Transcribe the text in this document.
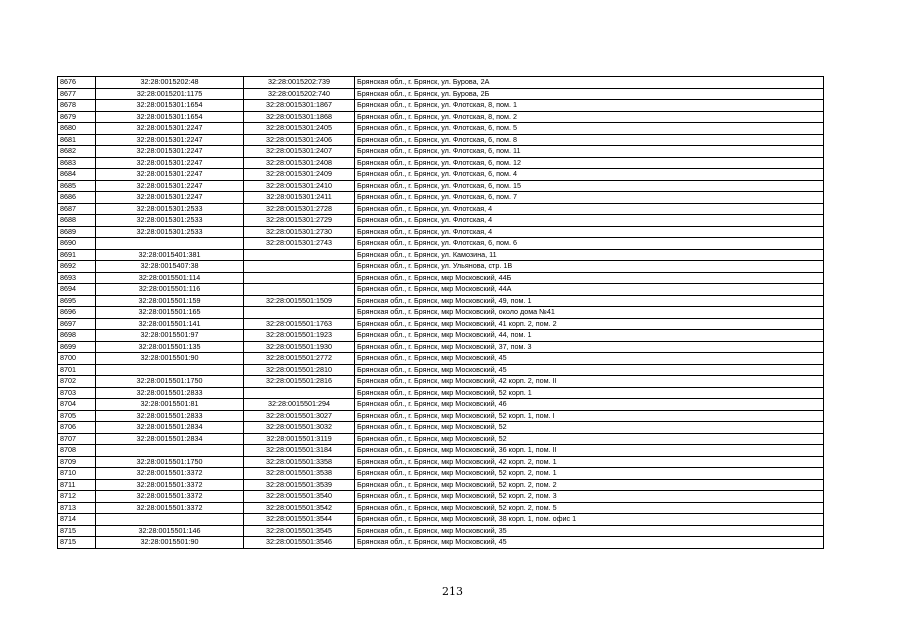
8676	32:28:0015202:48	32:28:0015202:739	Брянская обл., г. Брянск, ул. Бурова, 2А
8677	32:28:0015201:1175	32:28:0015202:740	Брянская обл., г. Брянск, ул. Бурова, 2Б
8678	32:28:0015301:1654	32:28:0015301:1867	Брянская обл., г. Брянск, ул. Флотская, 8, пом. 1
8679	32:28:0015301:1654	32:28:0015301:1868	Брянская обл., г. Брянск, ул. Флотская, 8, пом. 2
8680	32:28:0015301:2247	32:28:0015301:2405	Брянская обл., г. Брянск, ул. Флотская, 6, пом. 5
8681	32:28:0015301:2247	32:28:0015301:2406	Брянская обл., г. Брянск, ул. Флотская, 6, пом. 8
8682	32:28:0015301:2247	32:28:0015301:2407	Брянская обл., г. Брянск, ул. Флотская, 6, пом. 11
8683	32:28:0015301:2247	32:28:0015301:2408	Брянская обл., г. Брянск, ул. Флотская, 6, пом. 12
8684	32:28:0015301:2247	32:28:0015301:2409	Брянская обл., г. Брянск, ул. Флотская, 6, пом. 4
8685	32:28:0015301:2247	32:28:0015301:2410	Брянская обл., г. Брянск, ул. Флотская, 6, пом. 15
8686	32:28:0015301:2247	32:28:0015301:2411	Брянская обл., г. Брянск, ул. Флотская, 6, пом. 7
8687	32:28:0015301:2533	32:28:0015301:2728	Брянская обл., г. Брянск, ул. Флотская, 4
8688	32:28:0015301:2533	32:28:0015301:2729	Брянская обл., г. Брянск, ул. Флотская, 4
8689	32:28:0015301:2533	32:28:0015301:2730	Брянская обл., г. Брянск, ул. Флотская, 4
8690		32:28:0015301:2743	Брянская обл., г. Брянск, ул. Флотская, 6, пом. 6
8691	32:28:0015401:381		Брянская обл., г. Брянск, ул. Камозина, 11
8692	32:28:0015407:38		Брянская обл., г. Брянск, ул. Ульянова, стр. 1В
8693	32:28:0015501:114		Брянская обл., г. Брянск, мкр Московский, 44Б
8694	32:28:0015501:116		Брянская обл., г. Брянск, мкр Московский, 44А
8695	32:28:0015501:159	32:28:0015501:1509	Брянская обл., г. Брянск, мкр Московский, 49, пом. 1
8696	32:28:0015501:165		Брянская обл., г. Брянск, мкр Московский, около дома №41
8697	32:28:0015501:141	32:28:0015501:1763	Брянская обл., г. Брянск, мкр Московский, 41 корп. 2, пом. 2
8698	32:28:0015501:97	32:28:0015501:1923	Брянская обл., г. Брянск, мкр Московский, 44, пом. 1
8699	32:28:0015501:135	32:28:0015501:1930	Брянская обл., г. Брянск, мкр Московский, 37, пом. 3
8700	32:28:0015501:90	32:28:0015501:2772	Брянская обл., г. Брянск, мкр Московский, 45
8701		32:28:0015501:2810	Брянская обл., г. Брянск, мкр Московский, 45
8702	32:28:0015501:1750	32:28:0015501:2816	Брянская обл., г. Брянск, мкр Московский, 42 корп. 2, пом. II
8703	32:28:0015501:2833		Брянская обл., г. Брянск, мкр Московский, 52 корп. 1
8704	32:28:0015501:81	32:28:0015501:294	Брянская обл., г. Брянск, мкр Московский, 46
8705	32:28:0015501:2833	32:28:0015501:3027	Брянская обл., г. Брянск, мкр Московский, 52 корп. 1, пом. I
8706	32:28:0015501:2834	32:28:0015501:3032	Брянская обл., г. Брянск, мкр Московский, 52
8707	32:28:0015501:2834	32:28:0015501:3119	Брянская обл., г. Брянск, мкр Московский, 52
8708		32:28:0015501:3184	Брянская обл., г. Брянск, мкр Московский, 36 корп. 1, пом. II
8709	32:28:0015501:1750	32:28:0015501:3358	Брянская обл., г. Брянск, мкр Московский, 42 корп. 2, пом. 1
8710	32:28:0015501:3372	32:28:0015501:3538	Брянская обл., г. Брянск, мкр Московский, 52 корп. 2, пом. 1
8711	32:28:0015501:3372	32:28:0015501:3539	Брянская обл., г. Брянск, мкр Московский, 52 корп. 2, пом. 2
8712	32:28:0015501:3372	32:28:0015501:3540	Брянская обл., г. Брянск, мкр Московский, 52 корп. 2, пом. 3
8713	32:28:0015501:3372	32:28:0015501:3542	Брянская обл., г. Брянск, мкр Московский, 52 корп. 2, пом. 5
8714		32:28:0015501:3544	Брянская обл., г. Брянск, мкр Московский, 38 корп. 1, пом. офис 1
8715	32:28:0015501:146	32:28:0015501:3545	Брянская обл., г. Брянск, мкр Московский, 35
8715	32:28:0015501:90	32:28:0015501:3546	Брянская обл., г. Брянск, мкр Московский, 45
213
